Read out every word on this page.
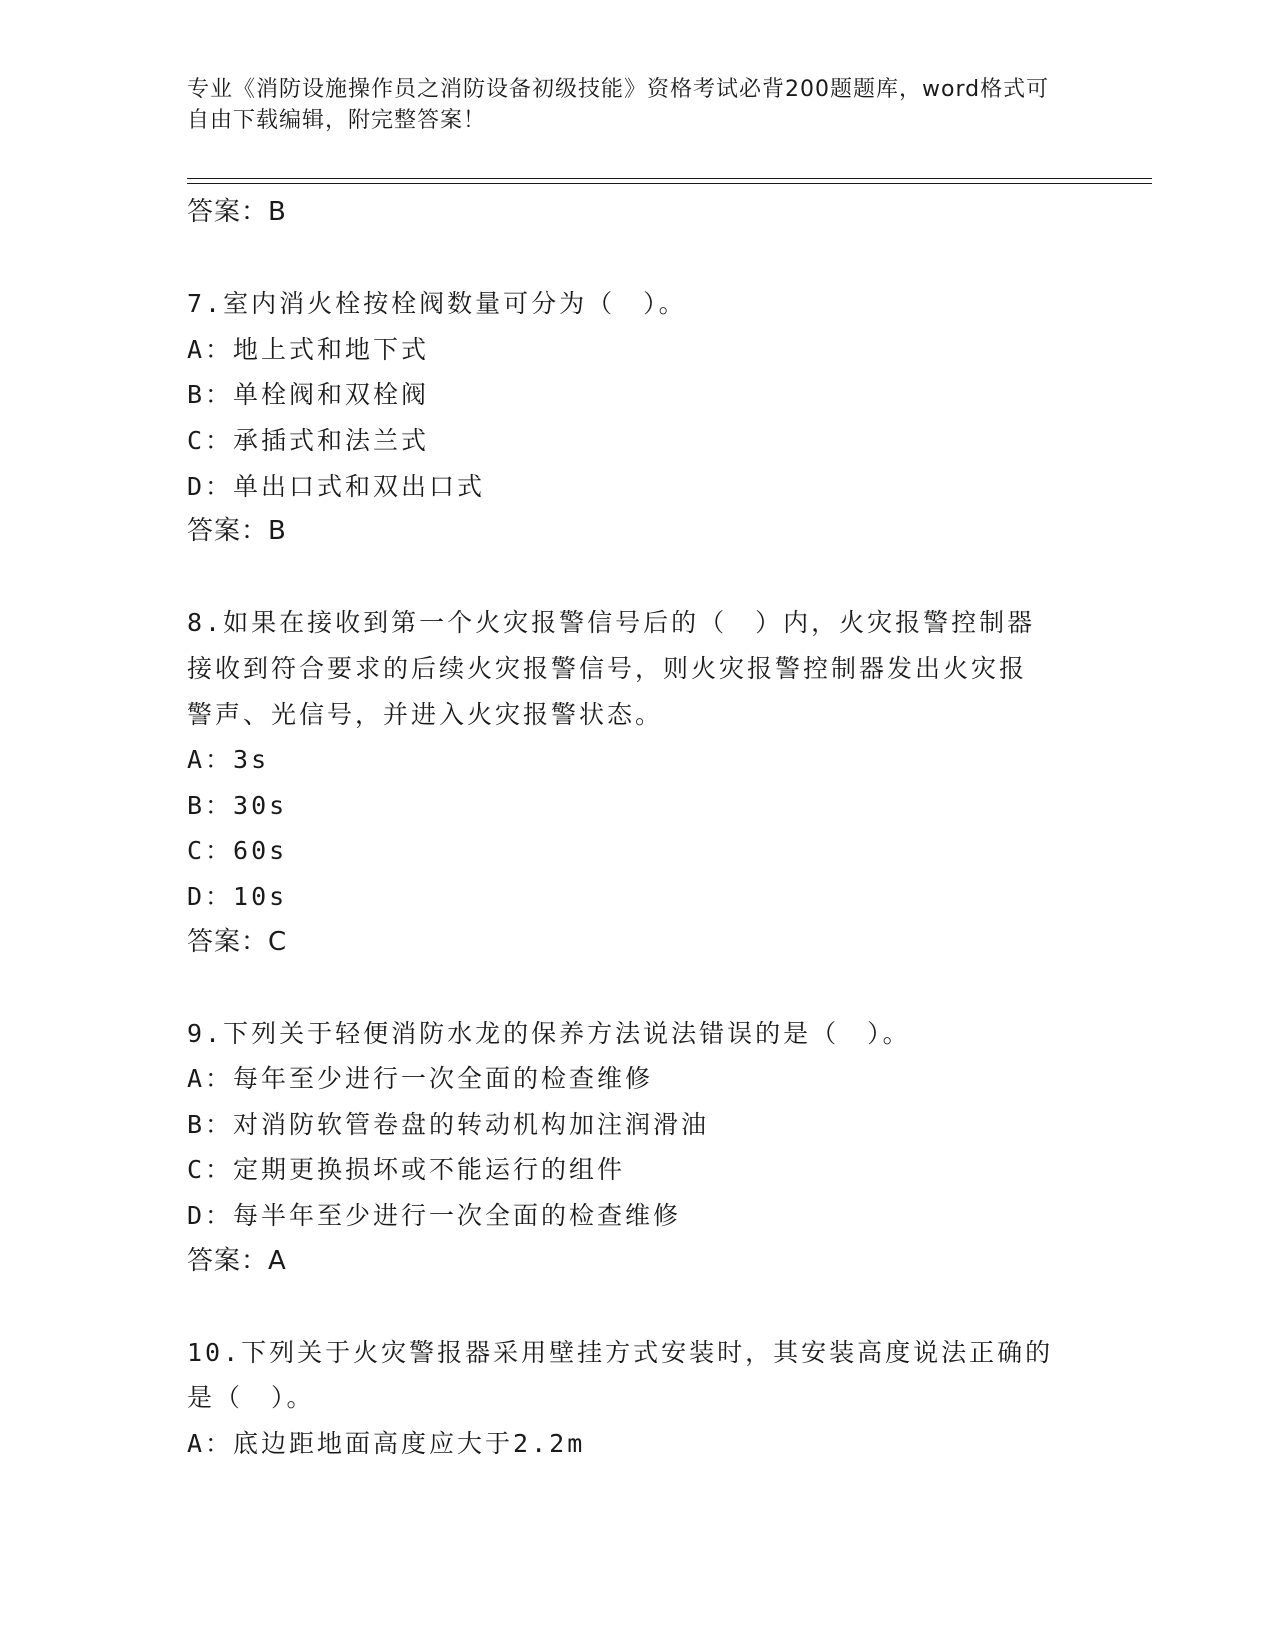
专业《消防设施操作员之消防设备初级技能》资格考试必背200题题库，word格式可自由下载编辑，附完整答案！
答案：B
7.室内消火栓按栓阀数量可分为（　）。
A：地上式和地下式
B：单栓阀和双栓阀
C：承插式和法兰式
D：单出口式和双出口式
答案：B
8.如果在接收到第一个火灾报警信号后的（　）内，火灾报警控制器
接收到符合要求的后续火灾报警信号，则火灾报警控制器发出火灾报
警声、光信号，并进入火灾报警状态。
A：3s
B：30s
C：60s
D：10s
答案：C
9.下列关于轻便消防水龙的保养方法说法错误的是（　）。
A：每年至少进行一次全面的检查维修
B：对消防软管卷盘的转动机构加注润滑油
C：定期更换损坏或不能运行的组件
D：每半年至少进行一次全面的检查维修
答案：A
10.下列关于火灾警报器采用壁挂方式安装时，其安装高度说法正确的
是（　）。
A：底边距地面高度应大于2.2m
